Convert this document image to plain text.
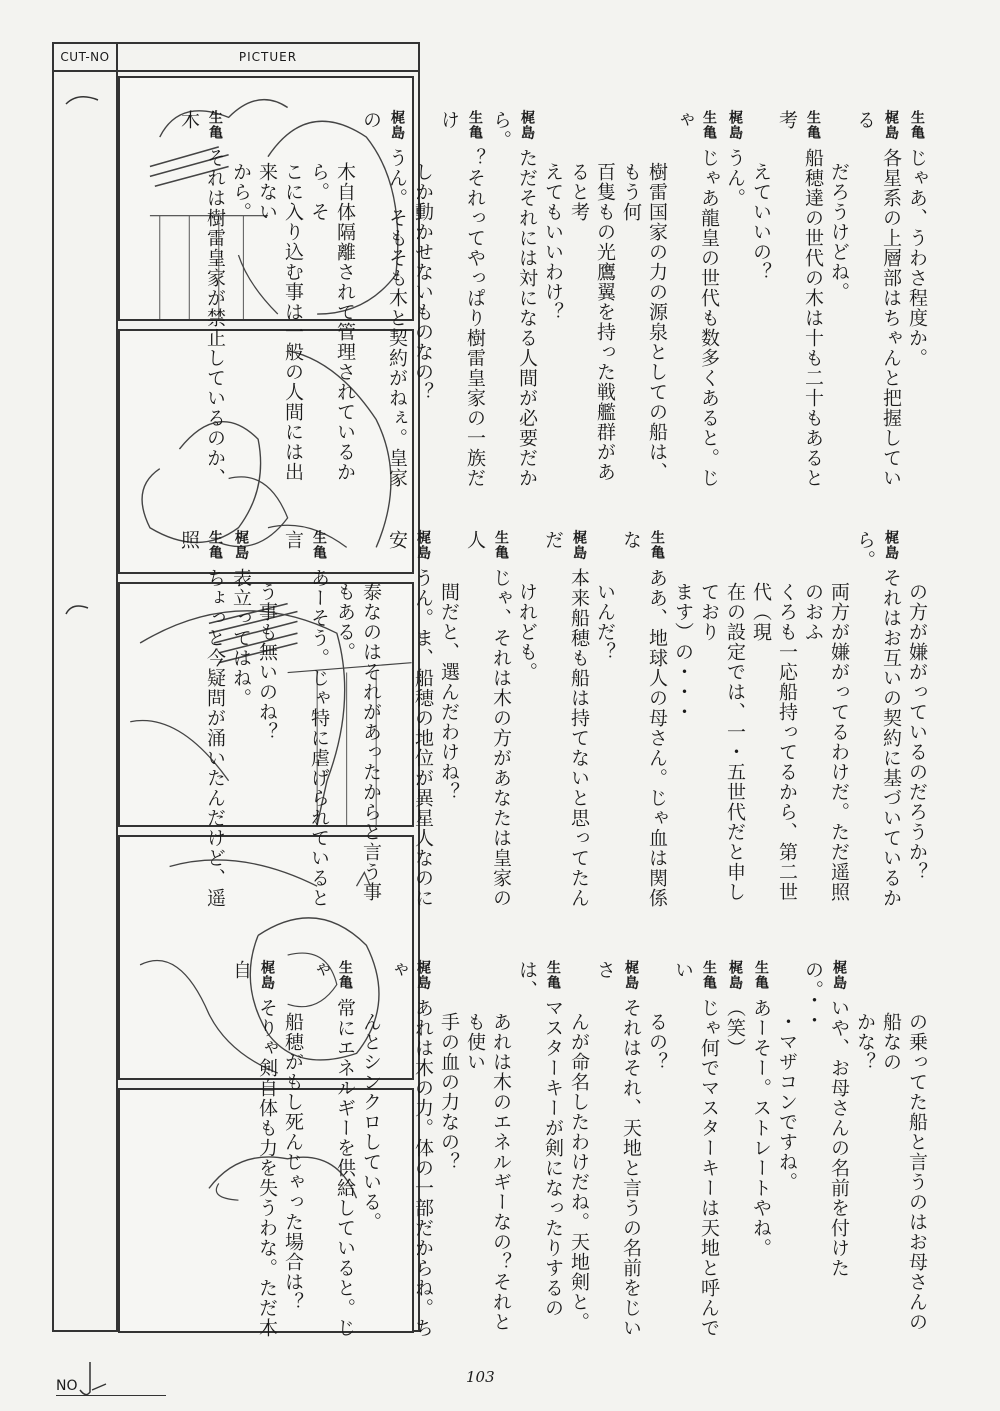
CUT-NO	PICTUER
NO
生亀じゃあ、うわさ程度か。
梶島各星系の上層部はちゃんと把握している
だろうけどね。
生亀船穂達の世代の木は十も二十もあると考
えていいの？
梶島うん。
生亀じゃあ龍皇の世代も数多くあると。じゃ
樹雷国家の力の源泉としての船は、もう何
百隻もの光鷹翼を持った戦艦群があると考
えてもいいわけ？
梶島ただそれには対になる人間が必要だから。
生亀？それってやっぱり樹雷皇家の一族だけ
しか動かせないものなの？
梶島うん。そもそも木と契約がねぇ。皇家の
木自体隔離されて管理されているから。そ
こに入り込む事は一般の人間には出来ない
から。
生亀それは樹雷皇家が禁止しているのか、木
の方が嫌がっているのだろうか？
梶島それはお互いの契約に基づいているから。
両方が嫌がってるわけだ。ただ遥照のおふ
くろも一応船持ってるから、第二世代（現
在の設定では、一・五世代だと申しており
ます）の・・・
生亀ああ、地球人の母さん。じゃ血は関係な
いんだ？
梶島本来船穂も船は持てないと思ってたんだ
けれども。
生亀じゃ、それは木の方があなたは皇家の人
間だと、選んだわけね？
梶島うん。ま、船穂の地位が異星人なのに安
泰なのはそれがあったからと言う事もある。
生亀あーそう。じゃ特に虐げられていると言
う事も無いのね？
梶島表立ってはね。
生亀ちょっと今疑問が涌いたんだけど、遥照
の乗ってた船と言うのはお母さんの船なの
かな？
梶島いや、お母さんの名前を付けたの。・・
・マザコンですね。
生亀あーそー。ストレートやね。
梶島（笑）
生亀じゃ何でマスターキーは天地と呼んでい
るの？
梶島それはそれ、天地と言うの名前をじいさ
んが命名したわけだね。天地剣と。
生亀マスターキーが剣になったりするのは、
あれは木のエネルギーなの？それとも使い
手の血の力なの？
梶島あれは木の力。体の一部だからね。ちゃ
んとシンクロしている。
生亀常にエネルギーを供給していると。じゃ
船穂がもし死んじゃった場合は？
梶島そりゃ剣自体も力を失うわな。ただ木自
103
